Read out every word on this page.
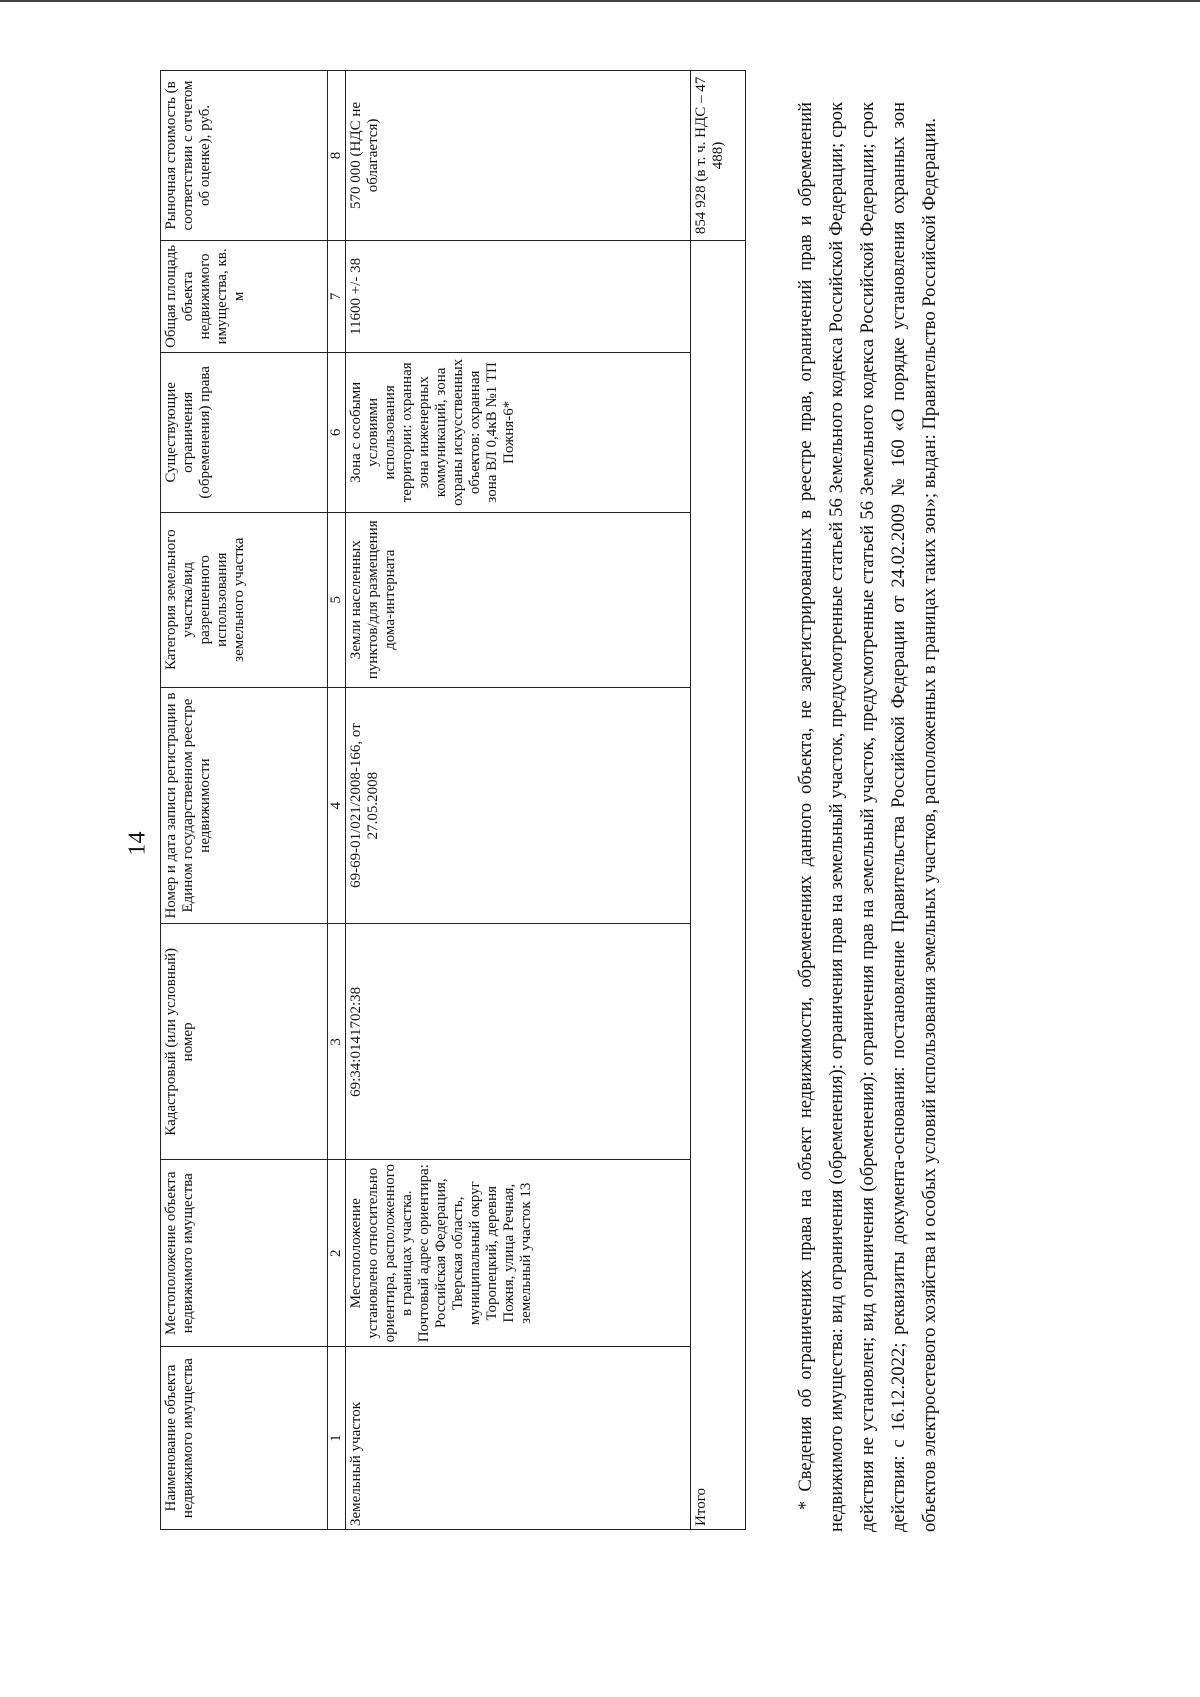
14
Наименование объекта недвижимого имущества	Местоположение объекта недвижимого имущества	Кадастровый (или условный) номер	Номер и дата записи регистрации в Едином государственном реестре недвижимости	Категория земельного участка/вид разрешенного использования земельного участка	Существующие ограничения (обременения) права	Общая площадь объекта недвижимого имущества, кв. м	Рыночная стоимость (в соответствии с отчетом об оценке), руб.
1	2	3	4	5	6	7	8
Земельный участок	Местоположение установлено относительно ориентира, расположенного в границах участка. Почтовый адрес ориентира: Российская Федерация, Тверская область, муниципальный округ Торопецкий, деревня Пожня, улица Речная, земельный участок 13	69:34:0141702:38	69-69-01/021/2008-166, от 27.05.2008	Земли населенных пунктов/для размещения дома-интерната	Зона с особыми условиями использования территории: охранная зона инженерных коммуникаций, зона охраны искусственных объектов: охранная зона ВЛ 0,4кВ №1 ТП Пожня-6*	11600 +/- 38	570 000 (НДС не облагается)
Итого							854 928 (в т. ч. НДС – 47 488)	* Сведения об ограничениях права на объект недвижимости, обременениях данного объекта, не зарегистрированных в реестре прав, ограничений прав и обременений недвижимого имущества: вид ограничения (обременения): ограничения прав на земельный участок, предусмотренные статьей 56 Земельного кодекса Российской Федерации; срок действия не установлен; вид ограничения (обременения): ограничения прав на земельный участок, предусмотренные статьей 56 Земельного кодекса Российской Федерации; срок действия: с 16.12.2022; реквизиты документа-основания: постановление Правительства Российской Федерации от 24.02.2009 № 160 «О порядке установления охранных зон объектов электросетевого хозяйства и особых условий использования земельных участков, расположенных в границах таких зон»; выдан: Правительство Российской Федерации.
